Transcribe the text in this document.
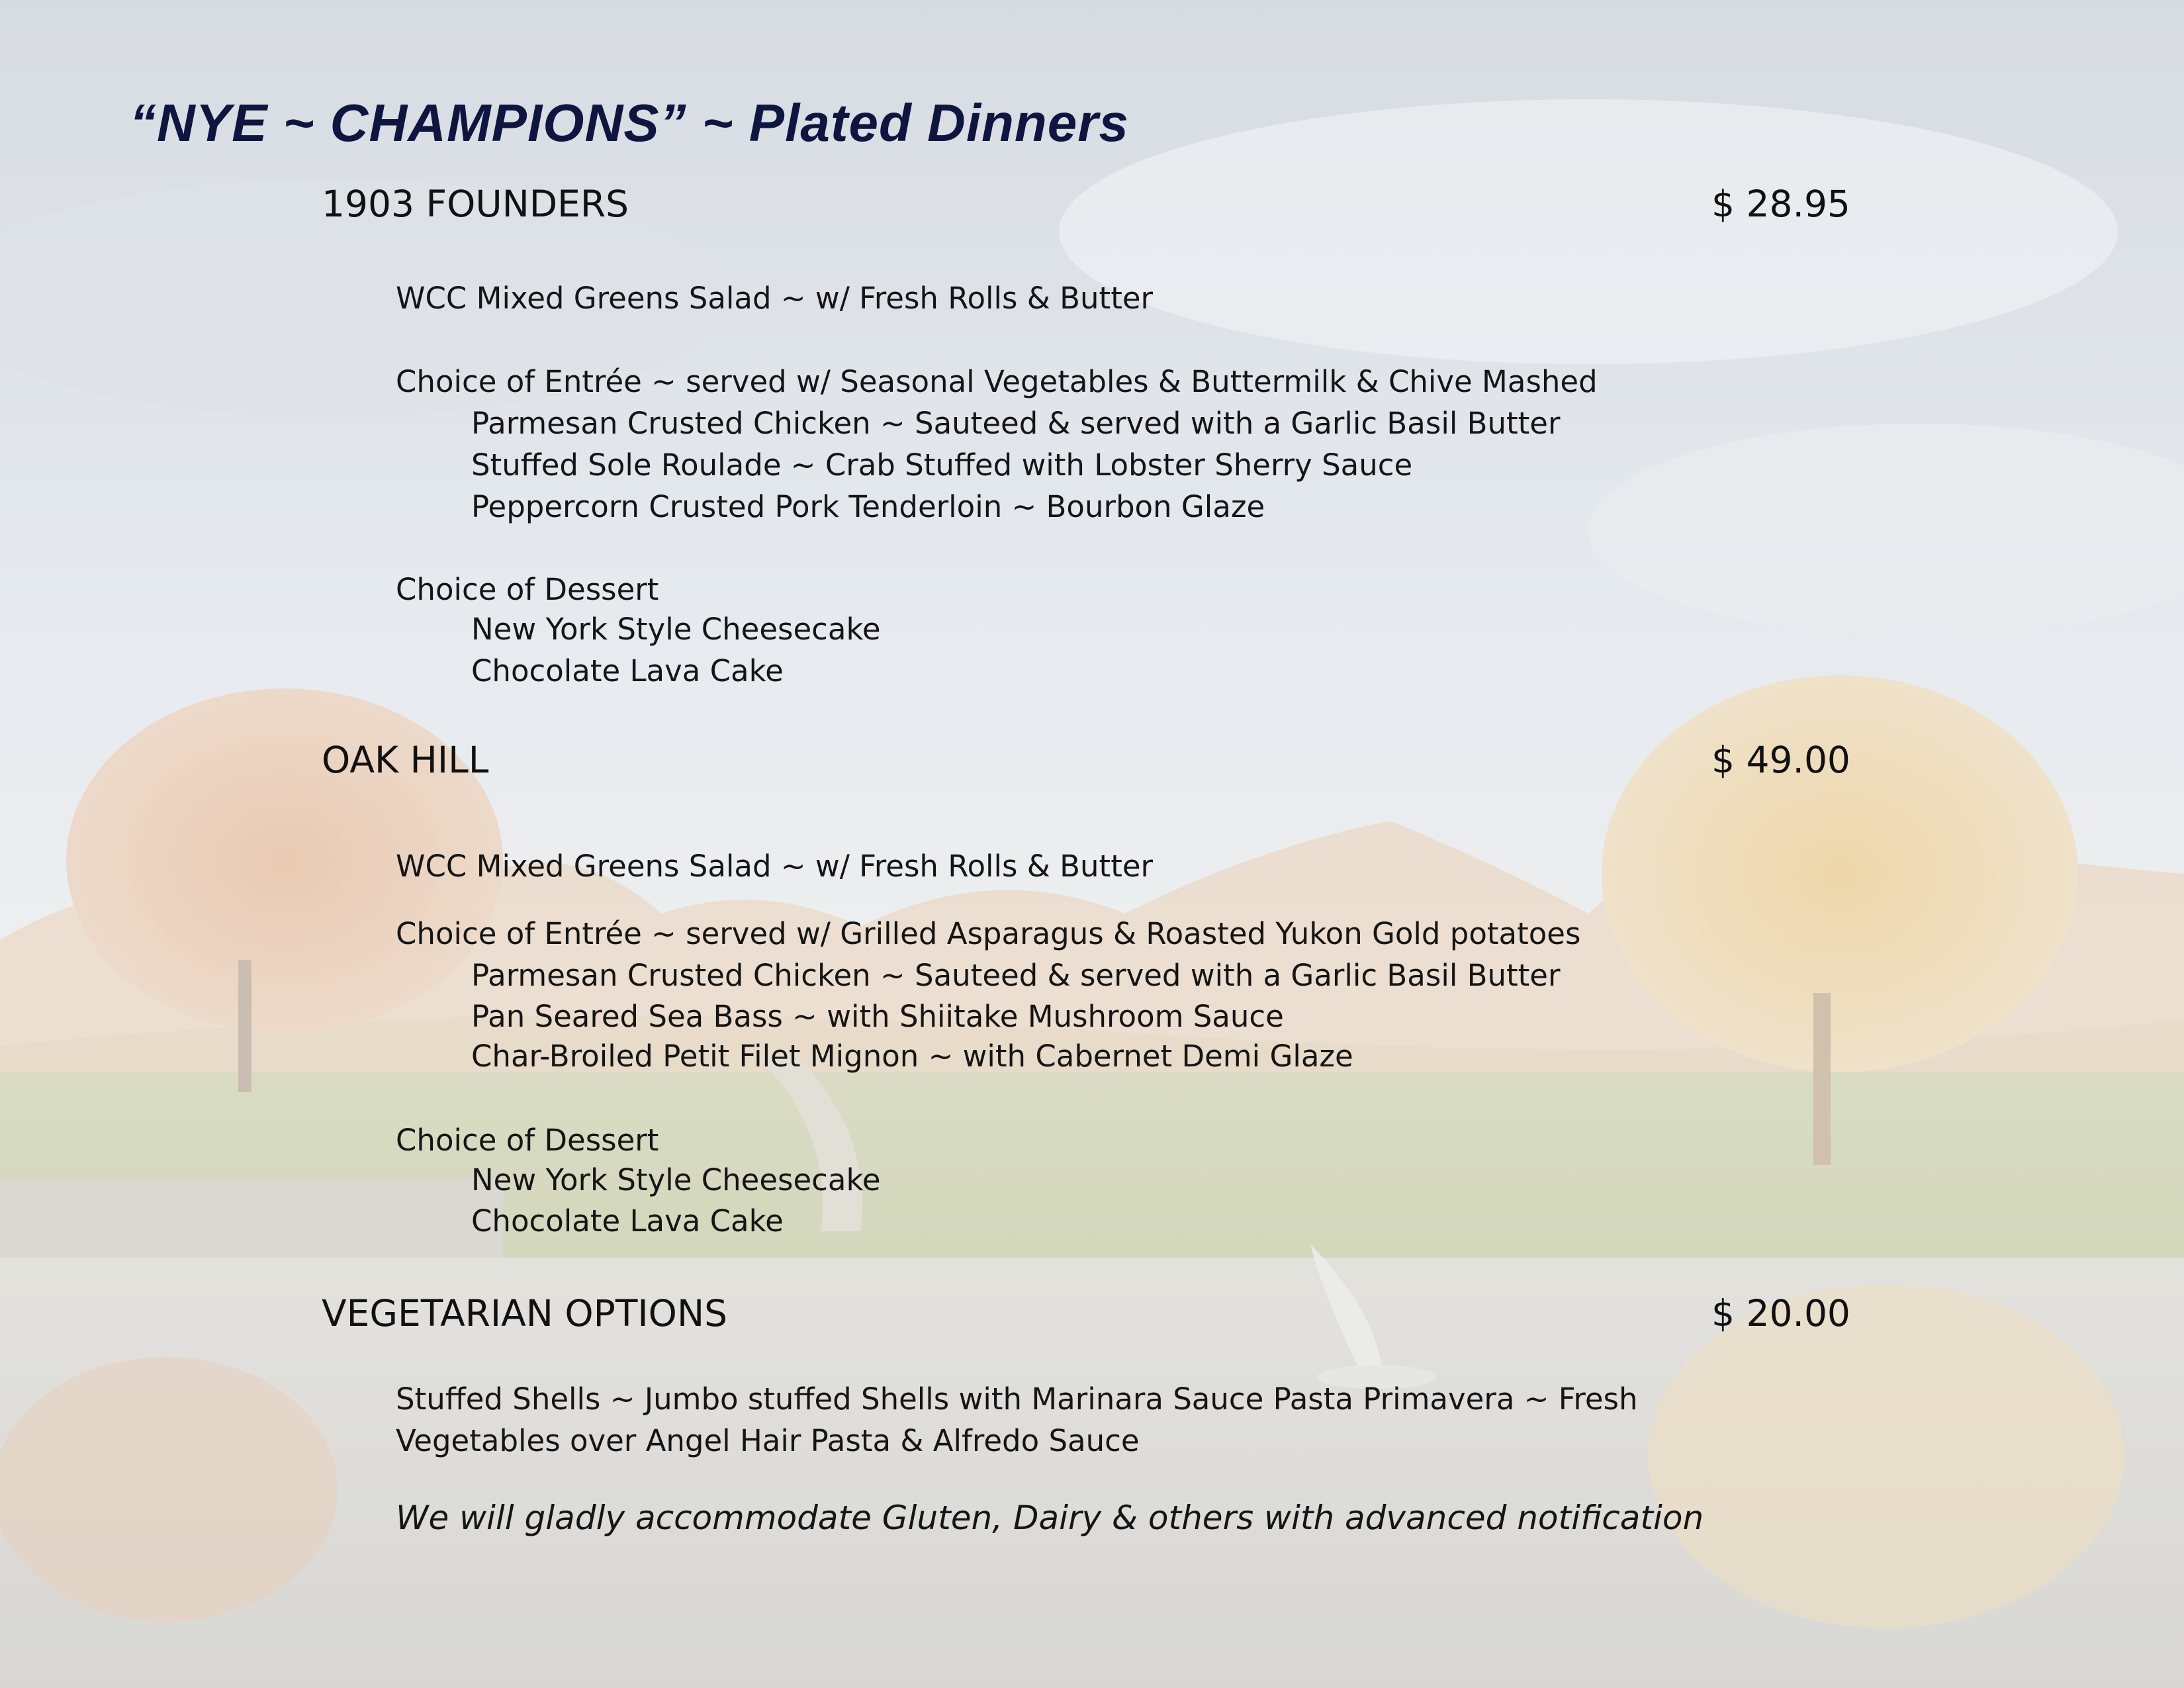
“NYE ~ CHAMPIONS” ~ Plated Dinners
1903 FOUNDERS	$ 28.95
WCC Mixed Greens Salad ~ w/ Fresh Rolls & Butter
Choice of Entrée ~ served w/ Seasonal Vegetables & Buttermilk & Chive Mashed
Parmesan Crusted Chicken ~ Sauteed & served with a Garlic Basil Butter
Stuffed Sole Roulade ~ Crab Stuffed with Lobster Sherry Sauce
Peppercorn Crusted Pork Tenderloin ~ Bourbon Glaze
Choice of Dessert
New York Style Cheesecake
Chocolate Lava Cake
OAK HILL	$ 49.00
WCC Mixed Greens Salad ~ w/ Fresh Rolls & Butter
Choice of Entrée ~ served w/ Grilled Asparagus & Roasted Yukon Gold potatoes
Parmesan Crusted Chicken ~ Sauteed & served with a Garlic Basil Butter
Pan Seared Sea Bass ~ with Shiitake Mushroom Sauce
Char-Broiled Petit Filet Mignon ~ with Cabernet Demi Glaze
Choice of Dessert
New York Style Cheesecake
Chocolate Lava Cake
VEGETARIAN OPTIONS	$ 20.00
Stuffed Shells ~ Jumbo stuffed Shells with Marinara Sauce Pasta Primavera ~ Fresh Vegetables over Angel Hair Pasta & Alfredo Sauce
We will gladly accommodate Gluten, Dairy & others with advanced notification
